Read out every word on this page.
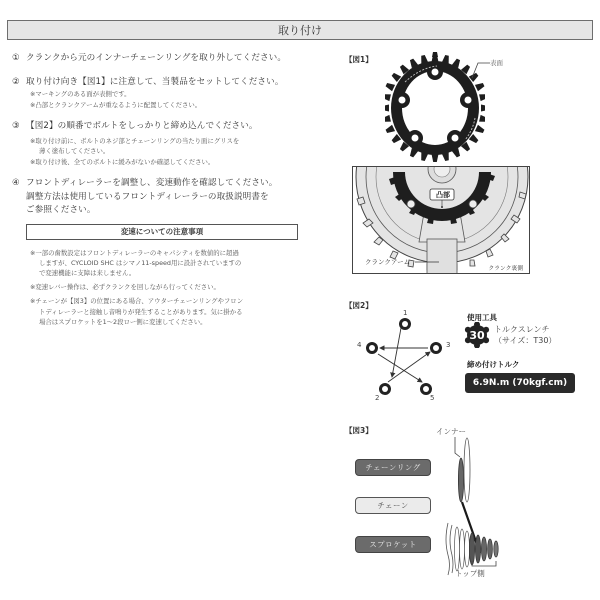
取り付け
① クランクから元のインナーチェーンリングを取り外してください。
② 取り付け向き【図1】に注意して、当製品をセットしてください。
※マーキングのある面が表側です。
※凸部とクランクアームが重なるように配置してください。
③ 【図2】の順番でボルトをしっかりと締め込んでください。
※取り付け前に、ボルトのネジ部とチェーンリングの当たり面にグリスを
薄く塗布してください。
※取り付け後、全てのボルトに緩みがないか確認してください。
④ フロントディレーラーを調整し、変速動作を確認してください。
調整方法は使用しているフロントディレーラーの取扱説明書を
ご参照ください。
変速についての注意事項
※一部の歯数設定はフロントディレーラーのキャパシティを数値的に超過
しますが、CYCLOID SHC はシマノ11-speed用に設計されていますの
で変速機能に支障は来しません。
※変速レバー操作は、必ずクランクを回しながら行ってください。
※チェーンが【図3】の位置にある場合、アウターチェーンリングやフロン
トディレーラーと接触し音鳴りが発生することがあります。気に掛かる
場合はスプロケットを1〜2段ロー側に変速してください。
【図1】	表面
凸部
クランクアーム
クランク裏側
【図2】
1
2
3
4
5
使用工具
30 トルクスレンチ
（サイズ：T30）
締め付けトルク
6.9N.m (70kgf.cm)
【図3】
チェーンリング
チェーン
スプロケット
インナー
トップ側
